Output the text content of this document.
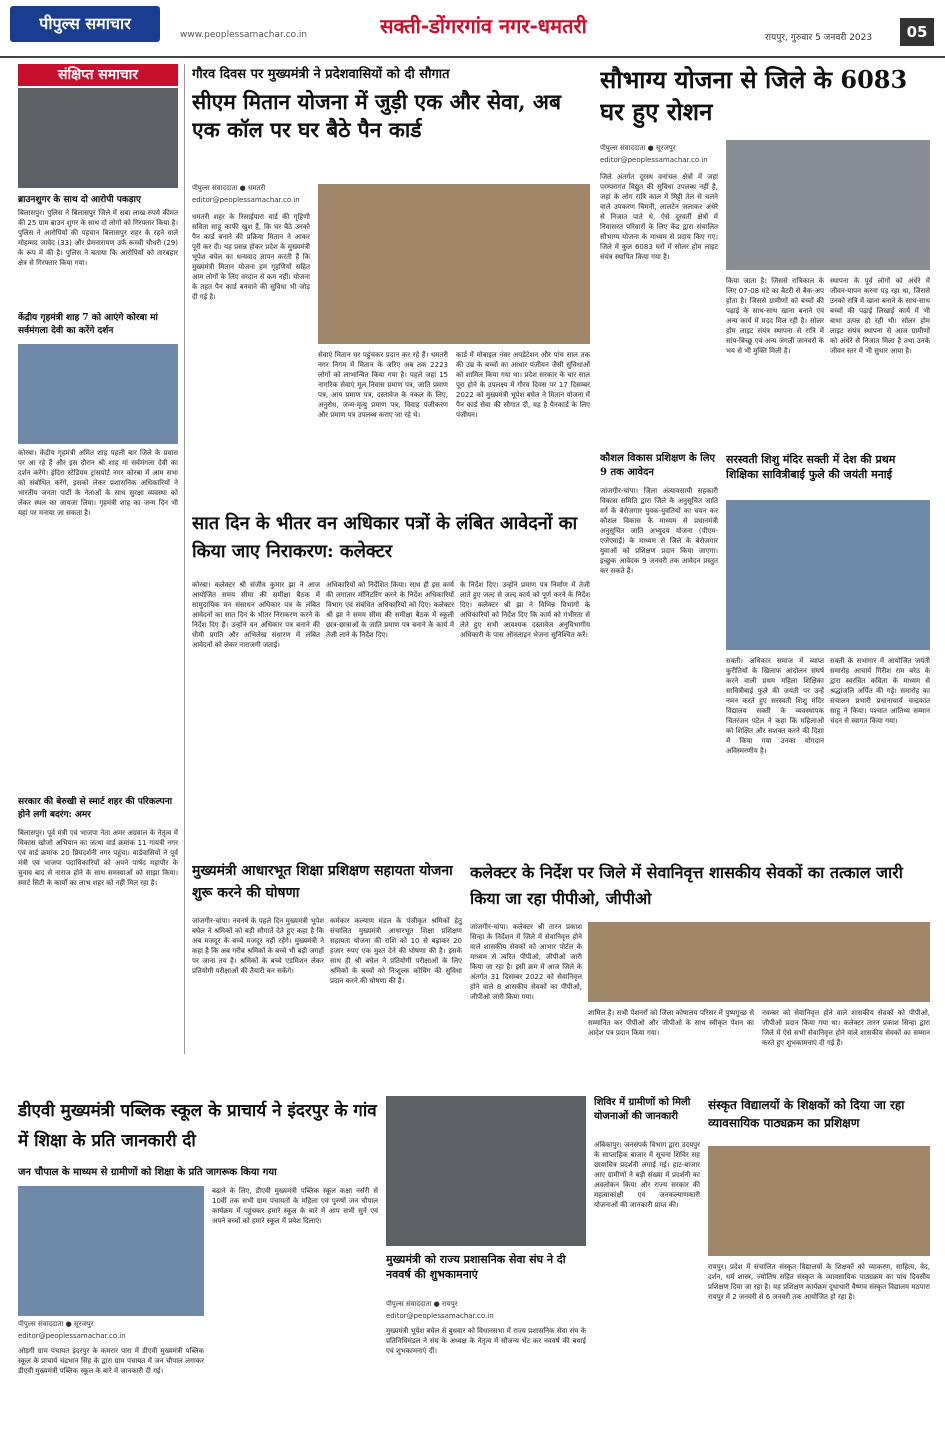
पीपुल्स समाचार
www.peoplessamachar.co.in	सक्ती-डोंगरगांव नगर-धमतरी	रायपुर, गुरुवार 5 जनवरी 2023	05
संक्षिप्त समाचार
ब्राउनशुगर के साथ दो आरोपी पकड़ाए
बिलासपुर। पुलिस ने बिलासपुर जिले में सबा लाख रुपये कीमत की 25 ग्राम ब्राउन शुगर के साथ दो लोगों को गिरफ्तार किया है। पुलिस ने आरोपियों की पहचान बिलासपुर शहर के रहने वाले मोहम्मद जावेद (33) और प्रेमनारायण उर्फ रूच्ची चौधरी (29) के रूप में की है। पुलिस ने बताया कि आरोपियों को तारबहार क्षेत्र से गिरफ्तार किया गया।
केंद्रीय गृहमंत्री शाह 7 को आएंगे कोरबा मां सर्वमंगला देवी का करेंगे दर्शन
कोरबा। केंद्रीय गृहमंत्री अमित शाह पहली बार जिले के प्रवास पर आ रहे हैं और इस दौरान श्री शाह मां सर्वमंगला देवी का दर्शन करेंगे। इंदिरा स्टेडियम ट्रांसपोर्ट नगर कोरबा में आम सभा को संबोधित करेंगे, इसको लेकर प्रशासनिक अधिकारियों ने भारतीय जनता पार्टी के नेताओं के साथ सुरक्षा व्यवस्था को लेकर स्थल का जायजा लिया। गृहमंत्री शाह का जन्म दिन भी यहां पर मनाया जा सकता है।
सरकार की बेरुखी से स्मार्ट शहर की परिकल्पना होने लगी बदरंग: अमर
बिलासपुर। पूर्व मंत्री एवं भाजपा नेता अमर अग्रवाल के नेतृत्व में विकास खोजो अभियान का जत्था वार्ड क्रमांक 11 गायत्री नगर एवं वार्ड क्रमांक 20 प्रियदर्शनी नगर पहुंचा। वार्डवासियों ने पूर्व मंत्री एवं भाजपा पदाधिकारियों को अपने पार्षद महापौर के चुनाव बाद से नाराज होने के साथ समस्याओं को साझा किया। स्मार्ट सिटी के कार्यों का लाभ शहर को नहीं मिल रहा है।
गौरव दिवस पर मुख्यमंत्री ने प्रदेशवासियों को दी सौगात
सीएम मितान योजना में जुड़ी एक और सेवा, अब एक कॉल पर घर बैठे पैन कार्ड
पीपुल्स संवाददाता ● धमतरी
editor@peoplessamachar.co.in
धमतरी शहर के रिसाईपारा वार्ड की गृहिणी सविता साहू काफी खुश हैं, कि घर बैठे उनको पैन कार्ड बनाने की प्रक्रिया मितान ने आकर पूरी कर दी। यह प्रसन्न होकर प्रदेश के मुख्यमंत्री भूपेश बघेल का धन्यवाद ज्ञापन करती हैं कि मुख्यमंत्री मितान योजना हम गृहणियों सहित आम लोगों के लिए वरदान से कम नहीं। योजना के तहत पैन कार्ड बनवाने की सुविधा भी जोड़ दी गई है।
सेवाएं मितान घर पहुंचकर प्रदान कर रहे हैं। धमतरी नगर निगम में मितान के जरिए अब तक 2223 लोगों को लाभान्वित किया गया है। पहले जहां 15 नागरिक सेवाएं मूल निवास प्रमाण पत्र, जाति प्रमाण पत्र, आय प्रमाण पत्र, दस्तावेज के नकल के लिए, अनुरोध, जन्म-मृत्यु प्रमाण पत्र, विवाह पंजीकरण और प्रमाण पत्र उपलब्ध कराए जा रहे थे।
कार्ड में मोबाइल नंबर अपडेटेशन और पांच साल तक की उम्र के बच्चों का आधार पंजीयन जैसी सुविधाओं को शामिल किया गया था। प्रदेश सरकार के चार साल पूरा होने के उपलक्ष्य में गौरव दिवस पर 17 दिसम्बर 2022 को मुख्यमंत्री भूपेश बघेल ने मितान योजना में पैन कार्ड सेवा की सौगात दी, यह है पैनकार्ड के लिए पंजीयन।
सौभाग्य योजना से जिले के 6083 घर हुए रोशन
पीपुल्स संवाददाता ● सूरजपुर
editor@peoplessamachar.co.in
जिले अंतर्गत दूरस्थ वनांचल क्षेत्रों में जहां परम्परागत विद्युत की सुविधा उपलब्ध नहीं है, जहां के लोग रात्रि काल में मिट्टी तेल से चलने वाले उपकरण चिमनी, लालटेन जलाकर अंधेरे से निजात पाते थे, ऐसे दूरवर्ती क्षेत्रों में निवासरत परिवारों के लिए केंद्र द्वारा संचालित सौभाग्य योजना के माध्यम से प्रदाय किए गए। जिले में कुल 6083 घरों में सोलर होम लाइट संयंत्र स्थापित किया गया है।
किया जाता है। जिससे रात्रिकाल के लिए 07-08 घंटे का बैटरी से बैक-अप होता है। जिससे ग्रामीणों को बच्चों की पढ़ाई के साथ-साथ खाना बनाने एवं अन्य कार्य में मदद मिल रही है। सोलर होम लाइट संयंत्र स्थापना से रात्रि में सांप-बिच्छू एवं अन्य जंगली जानवरों के भय से भी मुक्ति मिली है।
स्थापना के पूर्व लोगों को अंधेरे में जीवन-यापन करना पड़ रहा था, जिससे उनको रात्रि में खाना बनाने के साथ-साथ बच्चों की पढ़ाई लिखाई कार्य में भी बाधा उत्पन्न हो रही थी। सोलर होम लाइट संयंत्र स्थापना से आज ग्रामीणों को अंधेरे से निजात मिला है तथा उनके जीवन स्तर में भी सुधार आया है।
कौशल विकास प्रशिक्षण के लिए 9 तक आवेदन
जांजगीर-चांपा। जिला अंत्यावसायी सहकारी विकास समिति द्वारा जिले के अनुसूचित जाति वर्ग के बेरोजगार युवक-युवतियों का चयन कर कौशल विकास के माध्यम से प्रधानमंत्री अनुसूचित जाति अभ्युदय योजना (पीएम-एजेएवाई) के माध्यम से जिले के बेरोजगार युवाओं को प्रशिक्षण प्रदान किया जाएगा। इच्छुक आवेदक 9 जनवरी तक आवेदन प्रस्तुत कर सकते हैं।
सरस्वती शिशु मंदिर सक्ती में देश की प्रथम शिक्षिका सावित्रीबाई फुले की जयंती मनाई
सक्ती। अधिकार समाज में व्याप्त कुरीतियों के खिलाफ आंदोलन संघर्ष करने वाली प्रथम महिला शिक्षिका सावित्रीबाई फुले की जयंती पर उन्हें नमन करते हुए सरस्वती शिशु मंदिर विद्यालय सक्ती के व्यवस्थापक चितरंजन पटेल ने कहा कि महिलाओं को शिक्षित और सशक्त करने की दिशा में किया गया उनका योगदान अविस्मरणीय है।
सक्ती के सभागार में आयोजित जयंती समारोह आचार्य गिरीश राम बरेठ के द्वारा स्वरचित कविता के माध्यम से श्रद्धांजलि अर्पित की गई। समारोह का संचालन प्रभारी प्रधानाचार्य चन्द्रकांत साहू ने किया। पश्चात आतिथ्य सम्मान चंदन से स्वागत किया गया।
सात दिन के भीतर वन अधिकार पत्रों के लंबित आवेदनों का किया जाए निराकरण: कलेक्टर
कोरबा। कलेक्टर श्री संजीव कुमार झा ने आज आयोजित समय सीमा की समीक्षा बैठक में सामुदायिक वन संसाधन अधिकार पत्र के लंबित आवेदनों का सात दिन के भीतर निराकरण करने के निर्देश दिए हैं। उन्होंने वन अधिकार पत्र बनाने की धीमी प्रगति और अभिलेख संधारण में लंबित आवेदनों को लेकर नाराजगी जताई।
अधिकारियों को निर्देशित किया। साथ ही इस कार्य की लगातार मॉनिटरिंग करने के निर्देश अधिकारियों विभाग एवं संबंधित अधिकारियों को दिए। कलेक्टर श्री झा ने समय सीमा की समीक्षा बैठक में स्कूली छात्र-छात्राओं के जाति प्रमाण पत्र बनाने के कार्य में तेजी लाने के निर्देश दिए।
के निर्देश दिए। उन्होंने प्रमाण पत्र निर्माण में तेजी लाते हुए जल्द से जल्द कार्य को पूर्ण करने के निर्देश दिए। कलेक्टर श्री झा ने विभिन्न विभागों के अधिकारियों को निर्देश दिए कि कार्य को गंभीरता से लेते हुए सभी आवश्यक दस्तावेज अनुविभागीय अधिकारी के पास ऑनलाइन भेजना सुनिश्चित करें।
मुख्यमंत्री आधारभूत शिक्षा प्रशिक्षण सहायता योजना शुरू करने की घोषणा
जांजगीर-चांपा। नवनर्ष के पहले दिन मुख्यमंत्री भूपेश बघेल ने श्रमिकों को बड़ी सौगातें देते हुए कहा है कि अब मजदूर के बच्चे मजदूर नहीं रहेंगे। मुख्यमंत्री ने कहा है कि अब गरीब श्रमिकों के बच्चे भी बड़ी जगहों पर जाना तय है। श्रमिकों के बच्चे एडमिशन लेकर प्रतियोगी परीक्षाओं की तैयारी कर सकेंगे।
कर्मकार कल्याण मंडल के पंजीकृत श्रमिकों हेतु संचालित मुख्यमंत्री आधारभूत शिक्षा प्रशिक्षण सहायता योजना की राशि को 10 से बढ़ाकर 20 हजार रुपए एक मुश्त देने की घोषणा की है। इसके साथ ही श्री बघेल ने प्रतियोगी परीक्षाओं के लिए श्रमिकों के बच्चों को निःशुल्क कोचिंग की सुविधा प्रदान करने की घोषणा की है।
कलेक्टर के निर्देश पर जिले में सेवानिवृत्त शासकीय सेवकों का तत्काल जारी किया जा रहा पीपीओ, जीपीओ
जांजगीर-चांपा। कलेक्टर श्री तारन प्रकाश सिन्हा के निर्देशन में जिले में सेवानिवृत्त होने वाले शासकीय सेवकों को आभार पोर्टल के माध्यम से त्वरित पीपीओ, जीपीओ जारी किया जा रहा है। इसी क्रम में आज जिले के अंतर्गत 31 दिसम्बर 2022 को सेवानिवृत्त होने वाले 8 शासकीय सेवकों का पीपीओ, जीपीओ जारी किया गया।
शामिल है। सभी पेंशनरों को जिला कोषालय परिसर में पुष्पगुच्छ से सम्मानित कर पीपीओ और जीपीओ के साथ स्वीकृत पेंशन का आदेश पत्र प्रदान किया गया।
नवम्बर को सेवानिवृत्त होने वाले शासकीय सेवकों को पीपीओ, जीपीओ प्रदान किया गया था। कलेक्टर तारन प्रकाश सिन्हा द्वारा जिले में ऐसे सभी सेवानिवृत्त होने वाले शासकीय सेवकों का सम्मान करते हुए शुभकामनाएं दी गई हैं।
डीएवी मुख्यमंत्री पब्लिक स्कूल के प्राचार्य ने इंदरपुर के गांव में शिक्षा के प्रति जानकारी दी
जन चौपाल के माध्यम से ग्रामीणों को शिक्षा के प्रति जागरूक किया गया
पीपुल्स संवाददाता ● सूरजपुर
editor@peoplessamachar.co.in
ओड़गी ग्राम पंचायत इंदरपुर के कमरार पारा में डीएवी मुख्यमंत्री पब्लिक स्कूल के प्राचार्य चंद्रभान सिंह के द्वारा ग्राम पंचायत में जन चौपाल लगाकर डीएवी मुख्यमंत्री पब्लिक स्कूल के बारे में जानकारी दी गई।
बढ़ाने के लिए, डीएवी मुख्यमंत्री पब्लिक स्कूल कक्षा नर्सरी से 10वीं तक सभी ग्राम पंचायतों के महिला एवं पुरुषों जन चौपाल कार्यक्रम में पहुंचकर हमारे स्कूल के बारे में आप सभी सुनें एवं अपने बच्चों को हमारे स्कूल में प्रवेश दिलाएं।
मुख्यमंत्री को राज्य प्रशासनिक सेवा संघ ने दी नववर्ष की शुभकामनाएं
पीपुल्स संवाददाता ● रायपुर
editor@peoplessamachar.co.in
मुख्यमंत्री भूपेश बघेल से बुधवार को विधानसभा में राज्य प्रशासनिक सेवा संघ के प्रतिनिधिमंडल ने संघ के अध्यक्ष के नेतृत्व में सौजन्य भेंट कर नववर्ष की बधाई एवं शुभकामनाएं दीं।
शिविर में ग्रामीणों को मिली योजनाओं की जानकारी
अंबिकापुर। जनसंपर्क विभाग द्वारा उदयपुर के साप्ताहिक बाजार में सूचना शिविर सह छायाचित्र प्रदर्शनी लगाई गई। हाट-बाजार आए ग्रामीणों ने बड़ी संख्या में प्रदर्शनी का अवलोकन किया और राज्य सरकार की महत्वाकांक्षी एवं जनकल्याणकारी योजनाओं की जानकारी प्राप्त की।
संस्कृत विद्यालयों के शिक्षकों को दिया जा रहा व्यावसायिक पाठ्यक्रम का प्रशिक्षण
रायपुर। प्रदेश में संचालित संस्कृत विद्यालयों के शिक्षकों को व्याकरण, साहित्य, वेद, दर्शन, धर्म शास्त्र, ज्योतिष सहित संस्कृत के व्यावसायिक पाठ्यक्रम का पांच दिवसीय प्रशिक्षण दिया जा रहा है। यह प्रशिक्षण कार्यक्रम दूधाधारी वैष्णव संस्कृत विद्यालय मठपारा रायपुर में 2 जनवरी से 6 जनवरी तक आयोजित हो रहा है।
